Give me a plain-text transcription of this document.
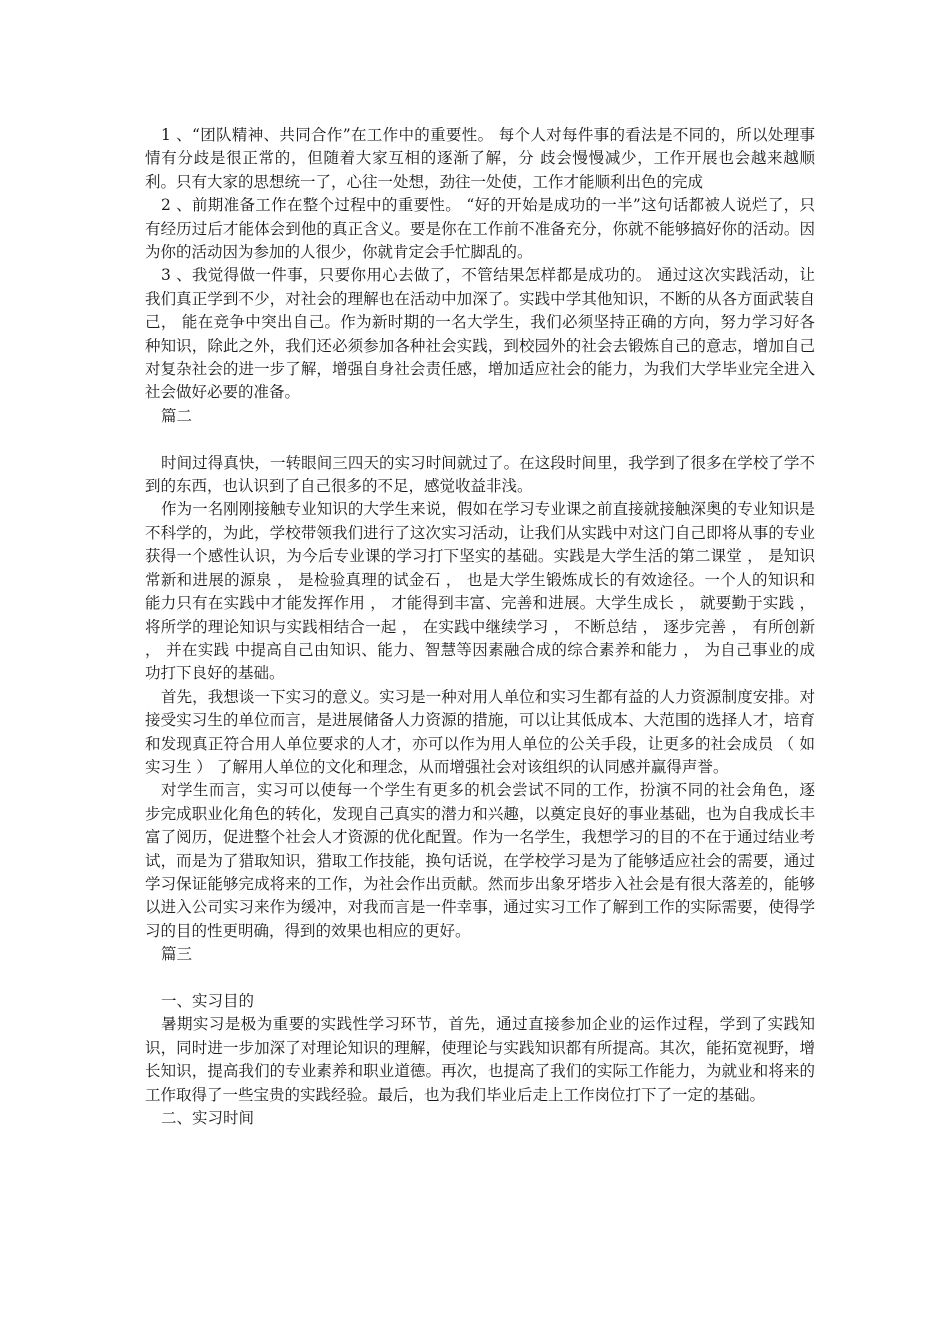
1 、“团队精神、共同合作”在工作中的重要性。 每个人对每件事的看法是不同的，所以处理事情有分歧是很正常的，但随着大家互相的逐渐了解，分 歧会慢慢减少，工作开展也会越来越顺利。只有大家的思想统一了，心往一处想，劲往一处使，工作才能顺利出色的完成

2 、前期准备工作在整个过程中的重要性。 “好的开始是成功的一半”这句话都被人说烂了，只有经历过后才能体会到他的真正含义。要是你在工作前不准备充分，你就不能够搞好你的活动。因为你的活动因为参加的人很少，你就肯定会手忙脚乱的。

3 、我觉得做一件事，只要你用心去做了，不管结果怎样都是成功的。 通过这次实践活动，让我们真正学到不少，对社会的理解也在活动中加深了。实践中学其他知识，不断的从各方面武装自己， 能在竞争中突出自己。作为新时期的一名大学生，我们必须坚持正确的方向，努力学习好各种知识，除此之外，我们还必须参加各种社会实践，到校园外的社会去锻炼自己的意志，增加自己对复杂社会的进一步了解，增强自身社会责任感，增加适应社会的能力，为我们大学毕业完全进入社会做好必要的准备。

篇二

时间过得真快，一转眼间三四天的实习时间就过了。在这段时间里，我学到了很多在学校了学不到的东西，也认识到了自己很多的不足，感觉收益非浅。

作为一名刚刚接触专业知识的大学生来说，假如在学习专业课之前直接就接触深奥的专业知识是不科学的，为此，学校带领我们进行了这次实习活动，让我们从实践中对这门自己即将从事的专业获得一个感性认识，为今后专业课的学习打下坚实的基础。实践是大学生活的第二课堂 ， 是知识常新和进展的源泉 ， 是检验真理的试金石 ， 也是大学生锻炼成长的有效途径。一个人的知识和能力只有在实践中才能发挥作用 ， 才能得到丰富、完善和进展。大学生成长 ， 就要勤于实践 ， 将所学的理论知识与实践相结合一起 ， 在实践中继续学习 ， 不断总结 ， 逐步完善 ， 有所创新 ， 并在实践 中提高自己由知识、能力、智慧等因素融合成的综合素养和能力 ， 为自己事业的成功打下良好的基础。

首先，我想谈一下实习的意义。实习是一种对用人单位和实习生都有益的人力资源制度安排。对接受实习生的单位而言，是进展储备人力资源的措施，可以让其低成本、大范围的选择人才，培育和发现真正符合用人单位要求的人才，亦可以作为用人单位的公关手段，让更多的社会成员 （ 如实习生 ） 了解用人单位的文化和理念，从而增强社会对该组织的认同感并赢得声誉。

对学生而言，实习可以使每一个学生有更多的机会尝试不同的工作，扮演不同的社会角色，逐 步完成职业化角色的转化，发现自己真实的潜力和兴趣，以奠定良好的事业基础，也为自我成长丰富了阅历，促进整个社会人才资源的优化配置。作为一名学生，我想学习的目的不在于通过结业考试，而是为了猎取知识，猎取工作技能，换句话说，在学校学习是为了能够适应社会的需要，通过学习保证能够完成将来的工作，为社会作出贡献。然而步出象牙塔步入社会是有很大落差的，能够以进入公司实习来作为缓冲，对我而言是一件幸事，通过实习工作了解到工作的实际需要，使得学习的目的性更明确，得到的效果也相应的更好。

篇三

一、实习目的

暑期实习是极为重要的实践性学习环节，首先，通过直接参加企业的运作过程，学到了实践知识，同时进一步加深了对理论知识的理解，使理论与实践知识都有所提高。其次，能拓宽视野，增长知识，提高我们的专业素养和职业道德。再次，也提高了我们的实际工作能力，为就业和将来的工作取得了一些宝贵的实践经验。最后，也为我们毕业后走上工作岗位打下了一定的基础。

二、实习时间
